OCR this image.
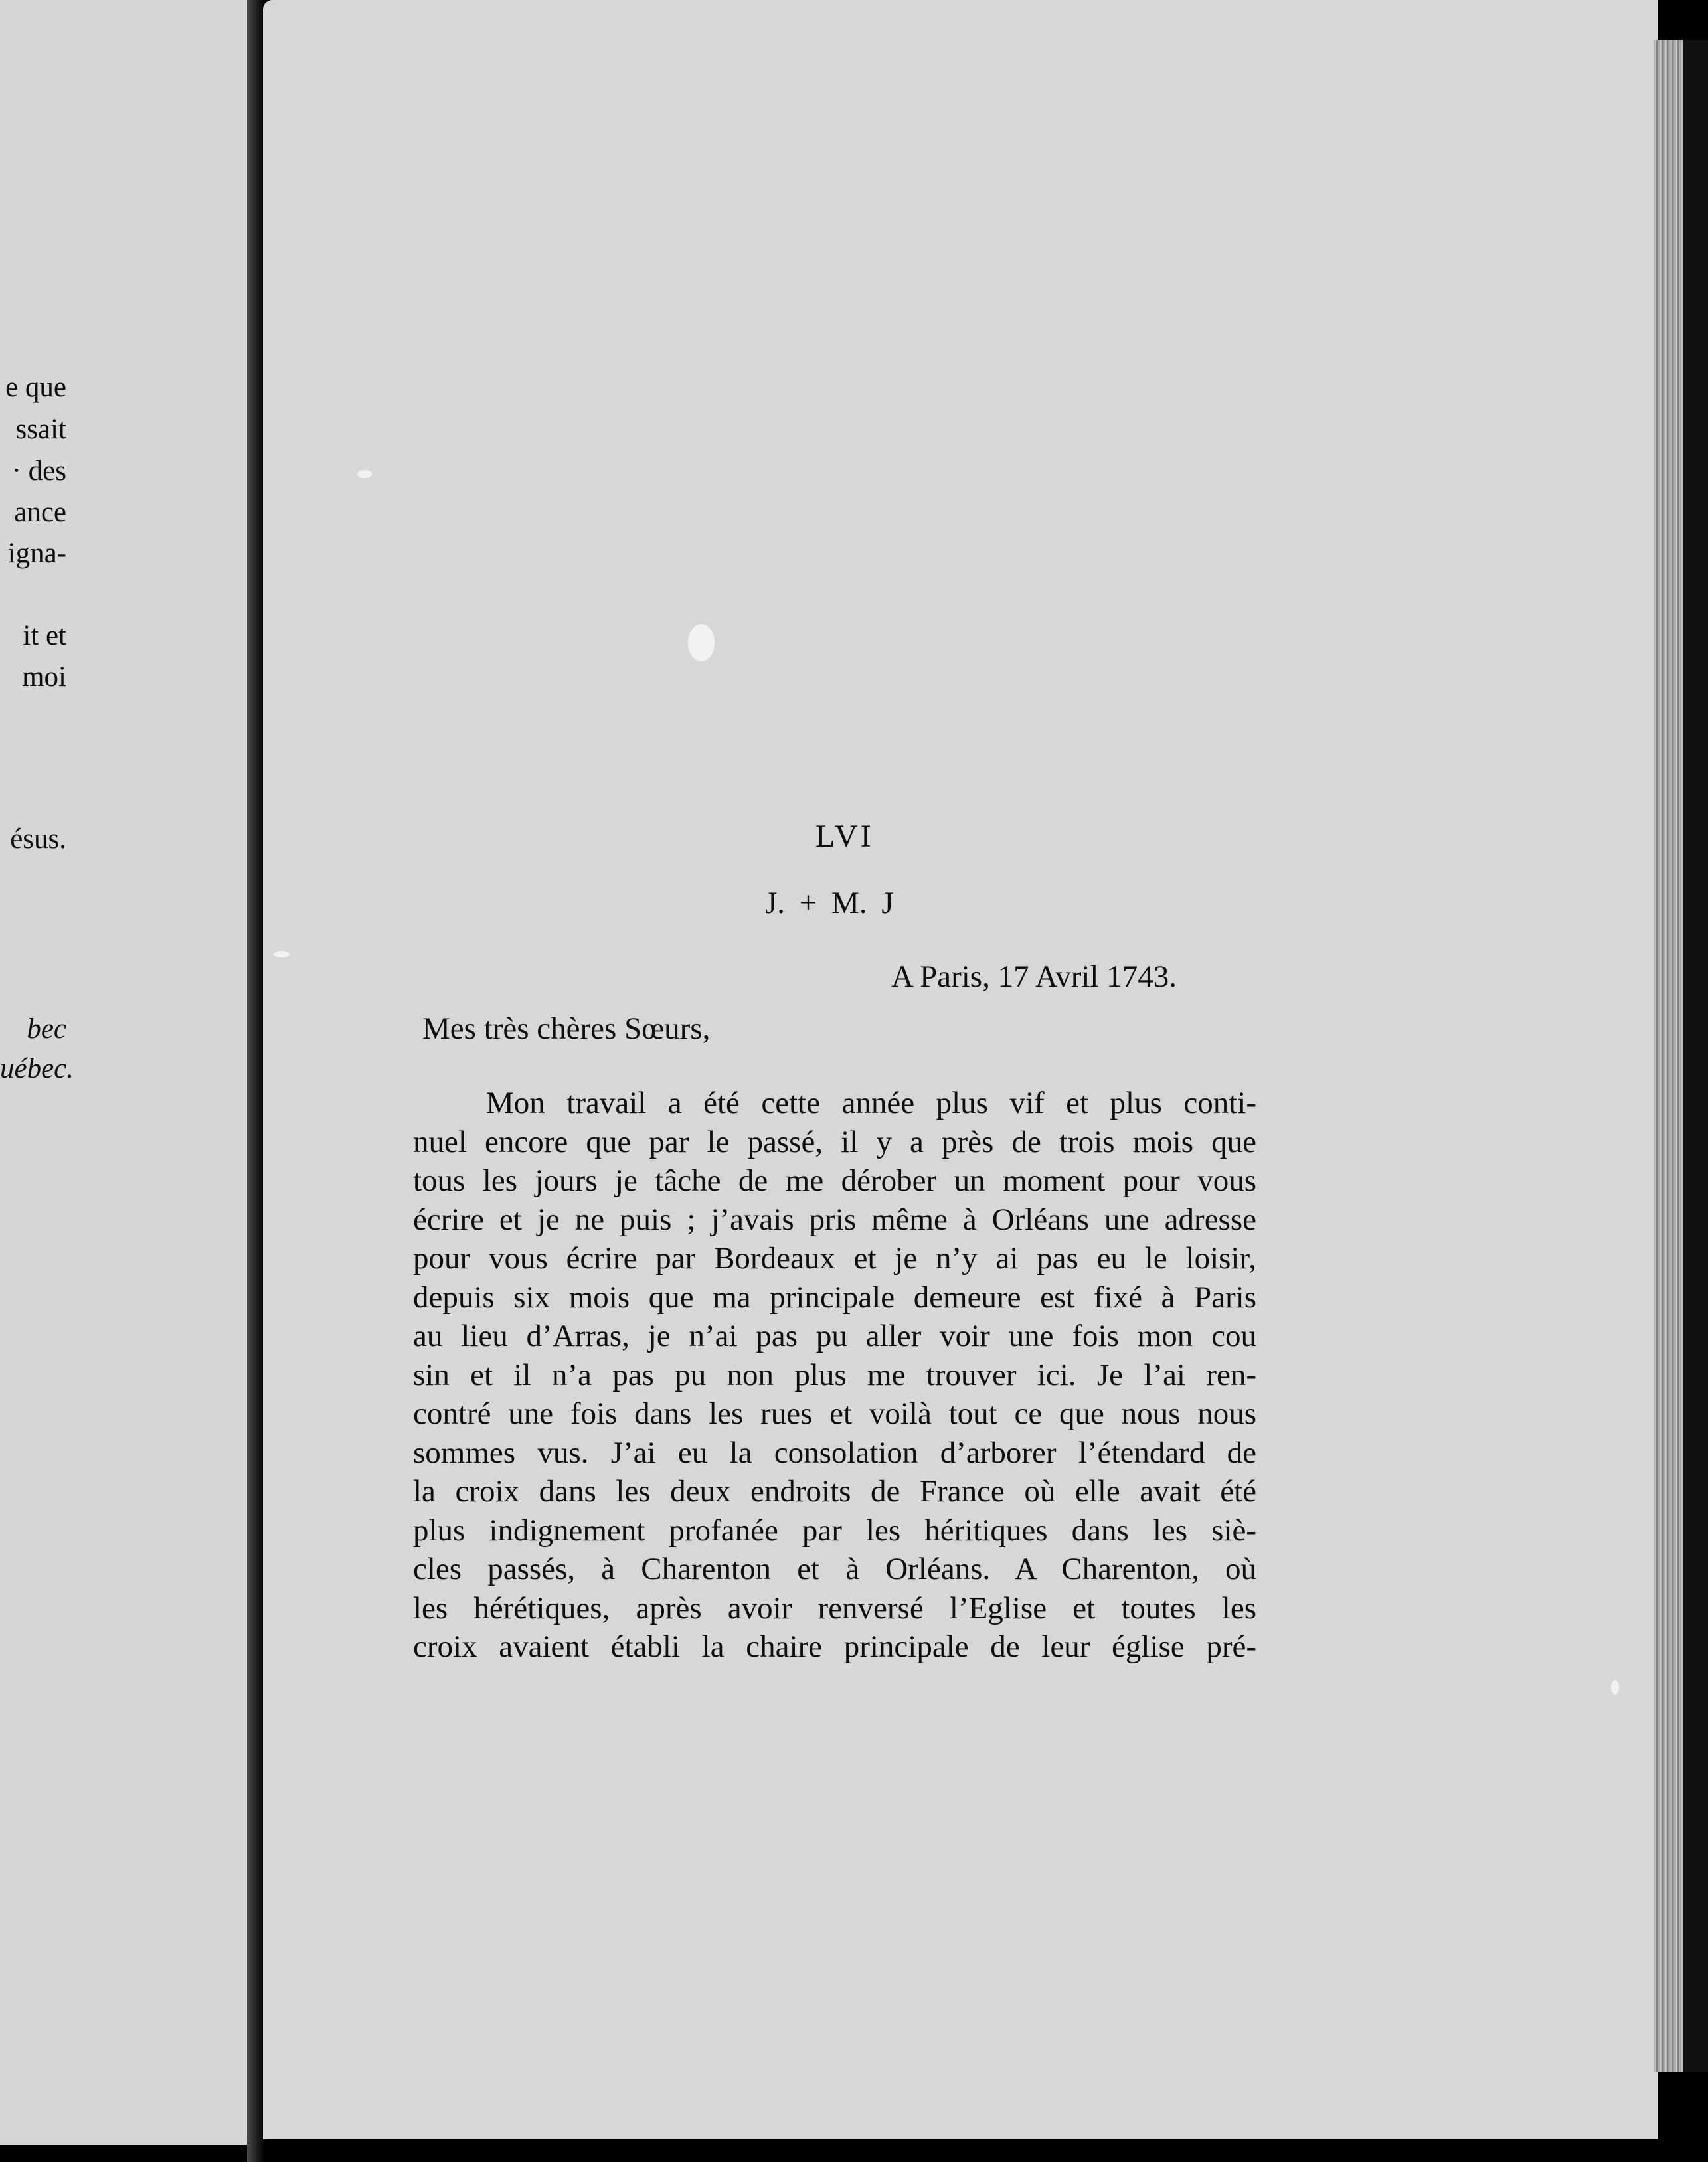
e que
ssait
· des
ance
igna-
it et
moi
ésus.
bec
uébec.
LVI
J. + M. J
A Paris, 17 Avril 1743.
Mes très chères Sœurs,
Mon travail a été cette année plus vif et plus conti-
nuel encore que par le passé, il y a près de trois mois que
tous les jours je tâche de me dérober un moment pour vous
écrire et je ne puis ; j’avais pris même à Orléans une adresse
pour vous écrire par Bordeaux et je n’y ai pas eu le loisir,
depuis six mois que ma principale demeure est fixé à Paris
au lieu d’Arras, je n’ai pas pu aller voir une fois mon cou
sin et il n’a pas pu non plus me trouver ici. Je l’ai ren-
contré une fois dans les rues et voilà tout ce que nous nous
sommes vus. J’ai eu la consolation d’arborer l’étendard de
la croix dans les deux endroits de France où elle avait été
plus indignement profanée par les héritiques dans les siè-
cles passés, à Charenton et à Orléans. A Charenton, où
les hérétiques, après avoir renversé l’Eglise et toutes les
croix avaient établi la chaire principale de leur église pré-
